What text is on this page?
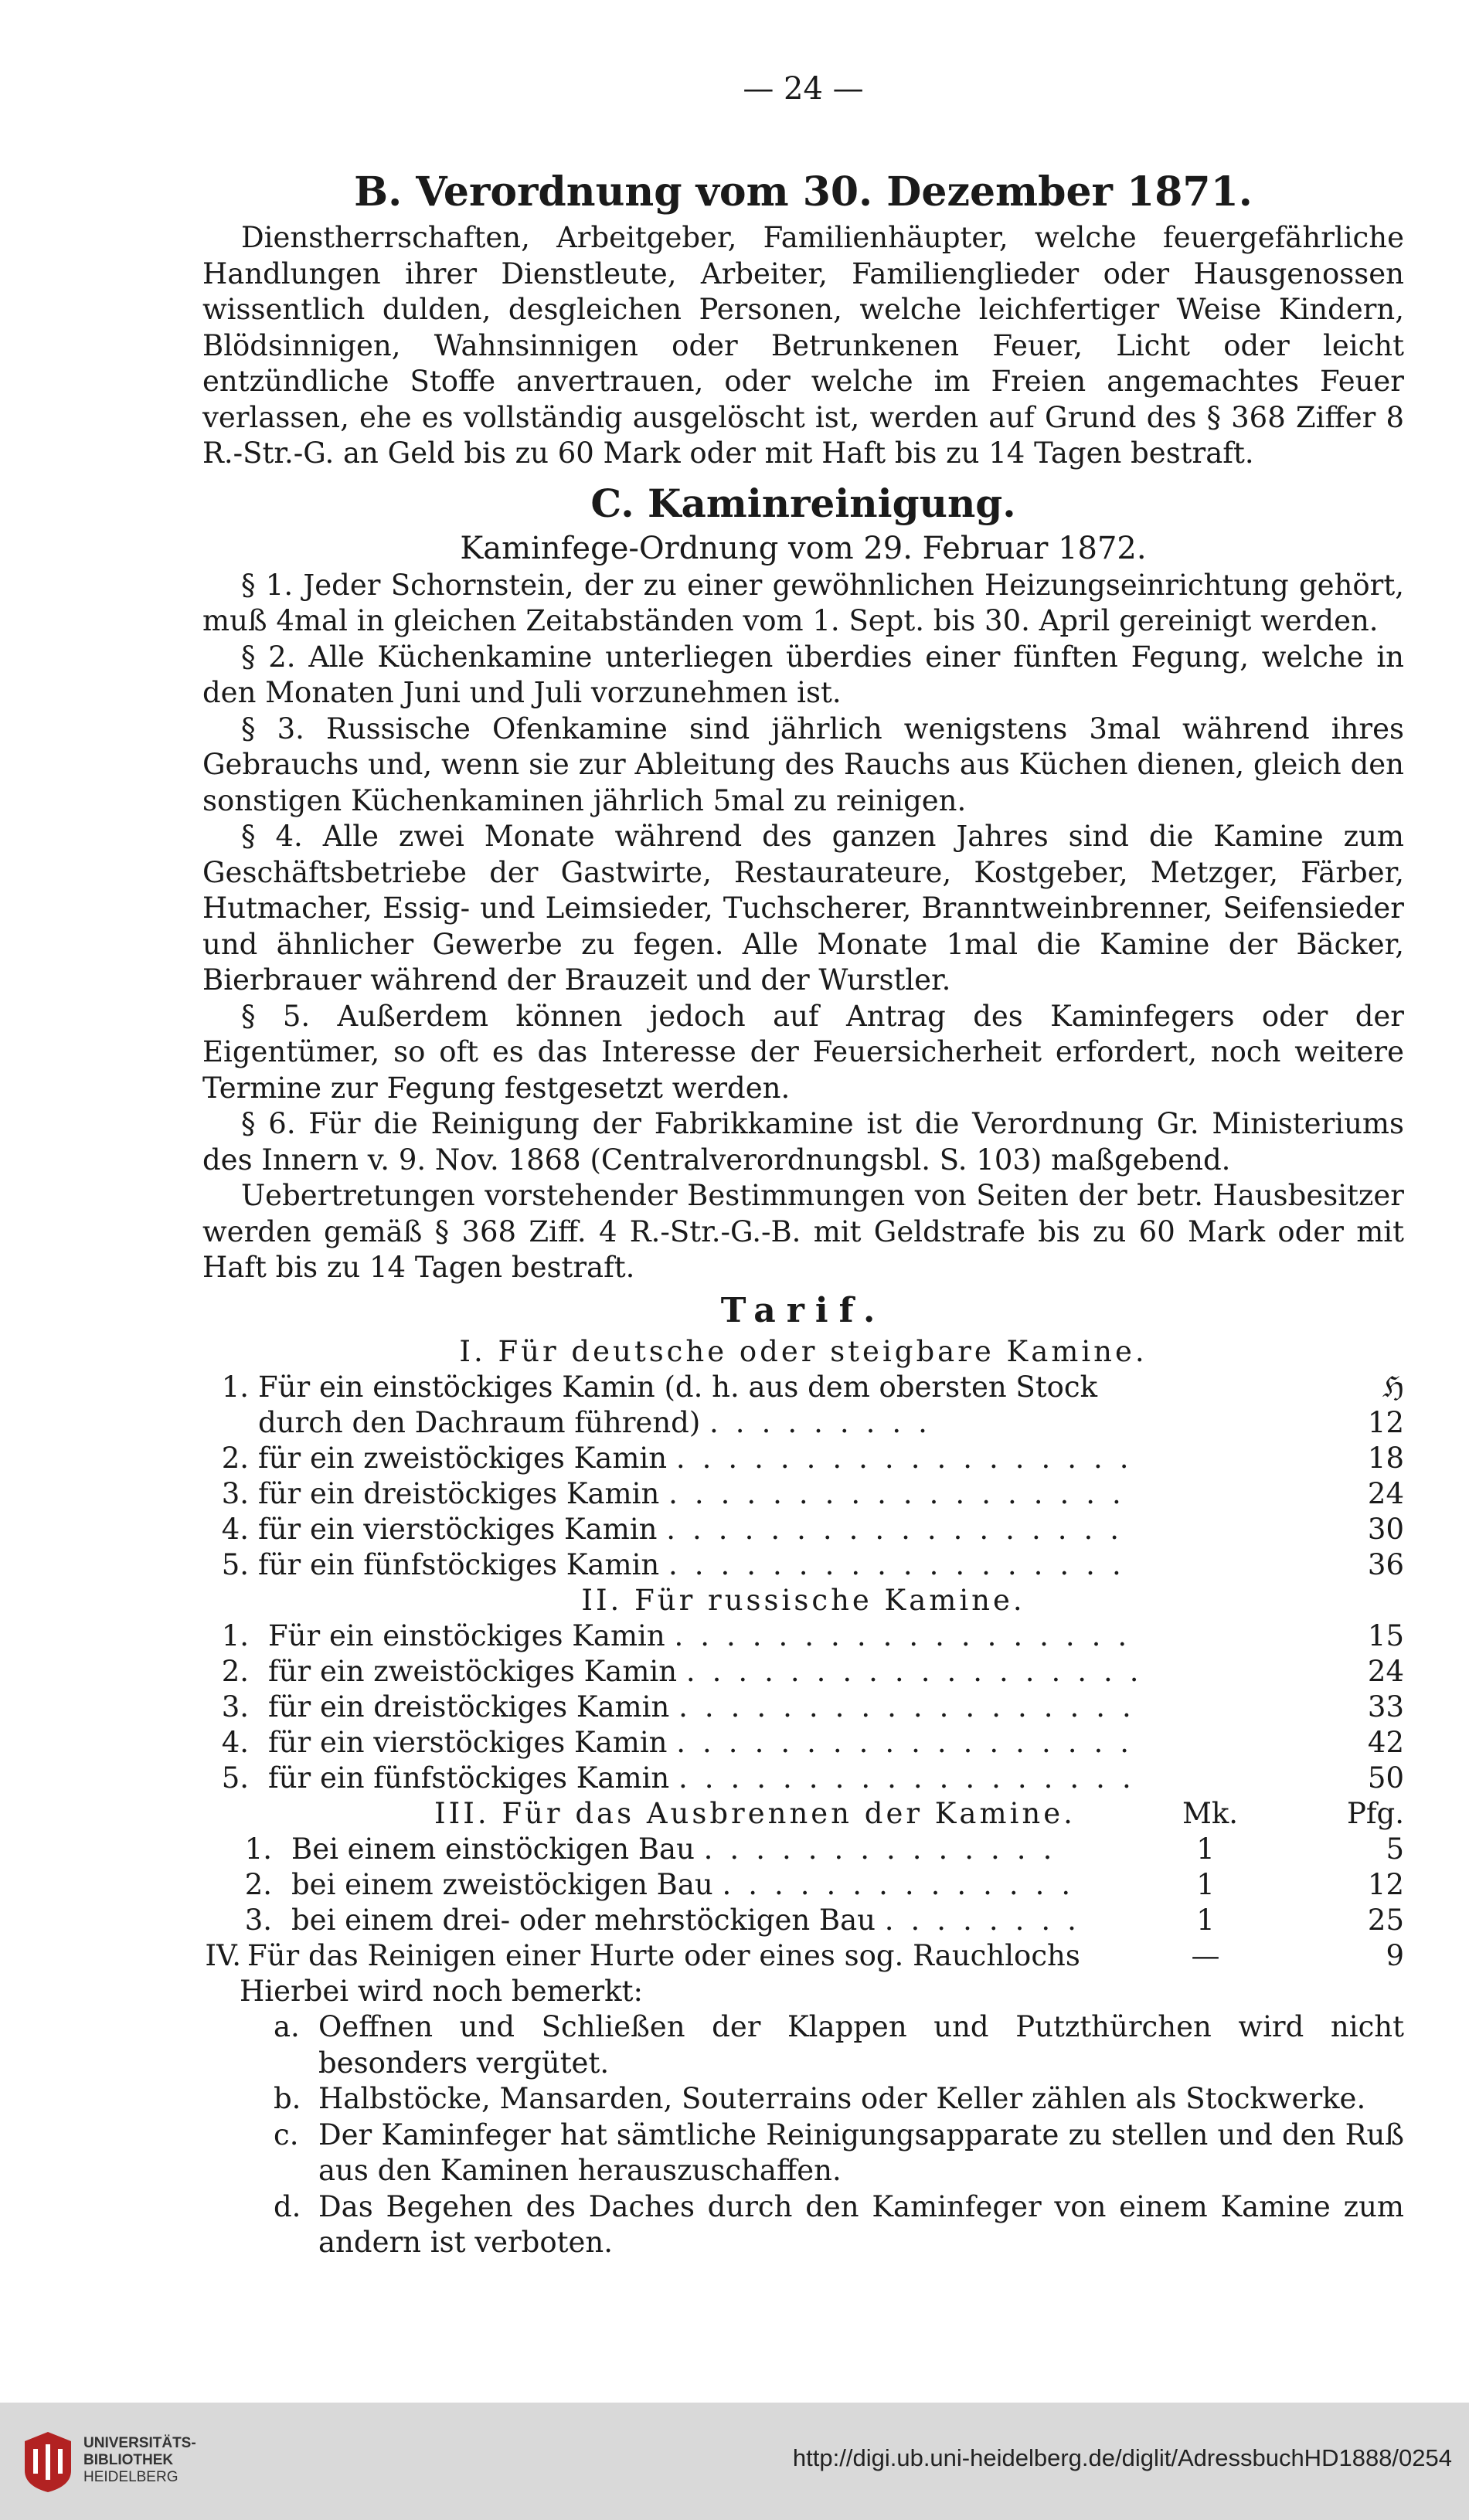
— 24 —
B. Verordnung vom 30. Dezember 1871.

Dienstherrschaften, Arbeitgeber, Familienhäupter, welche feuergefährliche Handlungen ihrer Dienstleute, Arbeiter, Familienglieder oder Hausgenossen wissentlich dulden, desgleichen Personen, welche leichfertiger Weise Kindern, Blödsinnigen, Wahnsinnigen oder Betrunkenen Feuer, Licht oder leicht entzündliche Stoffe anvertrauen, oder welche im Freien angemachtes Feuer verlassen, ehe es vollständig ausgelöscht ist, werden auf Grund des § 368 Ziffer 8 R.-Str.-G. an Geld bis zu 60 Mark oder mit Haft bis zu 14 Tagen bestraft.

C. Kaminreinigung.
Kaminfege-Ordnung vom 29. Februar 1872.

§ 1. Jeder Schornstein, der zu einer gewöhnlichen Heizungseinrichtung gehört, muß 4mal in gleichen Zeitabständen vom 1. Sept. bis 30. April gereinigt werden.

§ 2. Alle Küchenkamine unterliegen überdies einer fünften Fegung, welche in den Monaten Juni und Juli vorzunehmen ist.

§ 3. Russische Ofenkamine sind jährlich wenigstens 3mal während ihres Gebrauchs und, wenn sie zur Ableitung des Rauchs aus Küchen dienen, gleich den sonstigen Küchenkaminen jährlich 5mal zu reinigen.

§ 4. Alle zwei Monate während des ganzen Jahres sind die Kamine zum Geschäftsbetriebe der Gastwirte, Restaurateure, Kostgeber, Metzger, Färber, Hutmacher, Essig- und Leimsieder, Tuchscherer, Branntweinbrenner, Seifensieder und ähnlicher Gewerbe zu fegen. Alle Monate 1mal die Kamine der Bäcker, Bierbrauer während der Brauzeit und der Wurstler.

§ 5. Außerdem können jedoch auf Antrag des Kaminfegers oder der Eigentümer, so oft es das Interesse der Feuersicherheit erfordert, noch weitere Termine zur Fegung festgesetzt werden.

§ 6. Für die Reinigung der Fabrikkamine ist die Verordnung Gr. Ministeriums des Innern v. 9. Nov. 1868 (Centralverordnungsbl. S. 103) maßgebend.

Uebertretungen vorstehender Bestimmungen von Seiten der betr. Hausbesitzer werden gemäß § 368 Ziff. 4 R.-Str.-G.-B. mit Geldstrafe bis zu 60 Mark oder mit Haft bis zu 14 Tagen bestraft.

Tarif.
I. Für deutsche oder steigbare Kamine.
1. Für ein einstöckiges Kamin (d. h. aus dem obersten Stock	ℌ
durch den Dachraum führend) .........	12
2. für ein zweistöckiges Kamin ..................	18
3. für ein dreistöckiges Kamin ..................	24
4. für ein vierstöckiges Kamin ..................	30
5. für ein fünfstöckiges Kamin ..................	36
II. Für russische Kamine.
1. Für ein einstöckiges Kamin ..................	15
2. für ein zweistöckiges Kamin ..................	24
3. für ein dreistöckiges Kamin ..................	33
4. für ein vierstöckiges Kamin ..................	42
5. für ein fünfstöckiges Kamin ..................	50
III. Für das Ausbrennen der Kamine.	Mk.	Pfg.
1. Bei einem einstöckigen Bau ..............	1	5
2. bei einem zweistöckigen Bau ..............	1	12
3. bei einem drei- oder mehrstöckigen Bau ........	1	25
IV. Für das Reinigen einer Hurte oder eines sog. Rauchlochs	—	9

Hierbei wird noch bemerkt:

a. Oeffnen und Schließen der Klappen und Putzthürchen wird nicht besonders vergütet.
b. Halbstöcke, Mansarden, Souterrains oder Keller zählen als Stockwerke.
c. Der Kaminfeger hat sämtliche Reinigungsapparate zu stellen und den Ruß aus den Kaminen herauszuschaffen.
d. Das Begehen des Daches durch den Kaminfeger von einem Kamine zum andern ist verboten.
UNIVERSITÄTS-
BIBLIOTHEK
HEIDELBERG
http://digi.ub.uni-heidelberg.de/diglit/AdressbuchHD1888/0254
